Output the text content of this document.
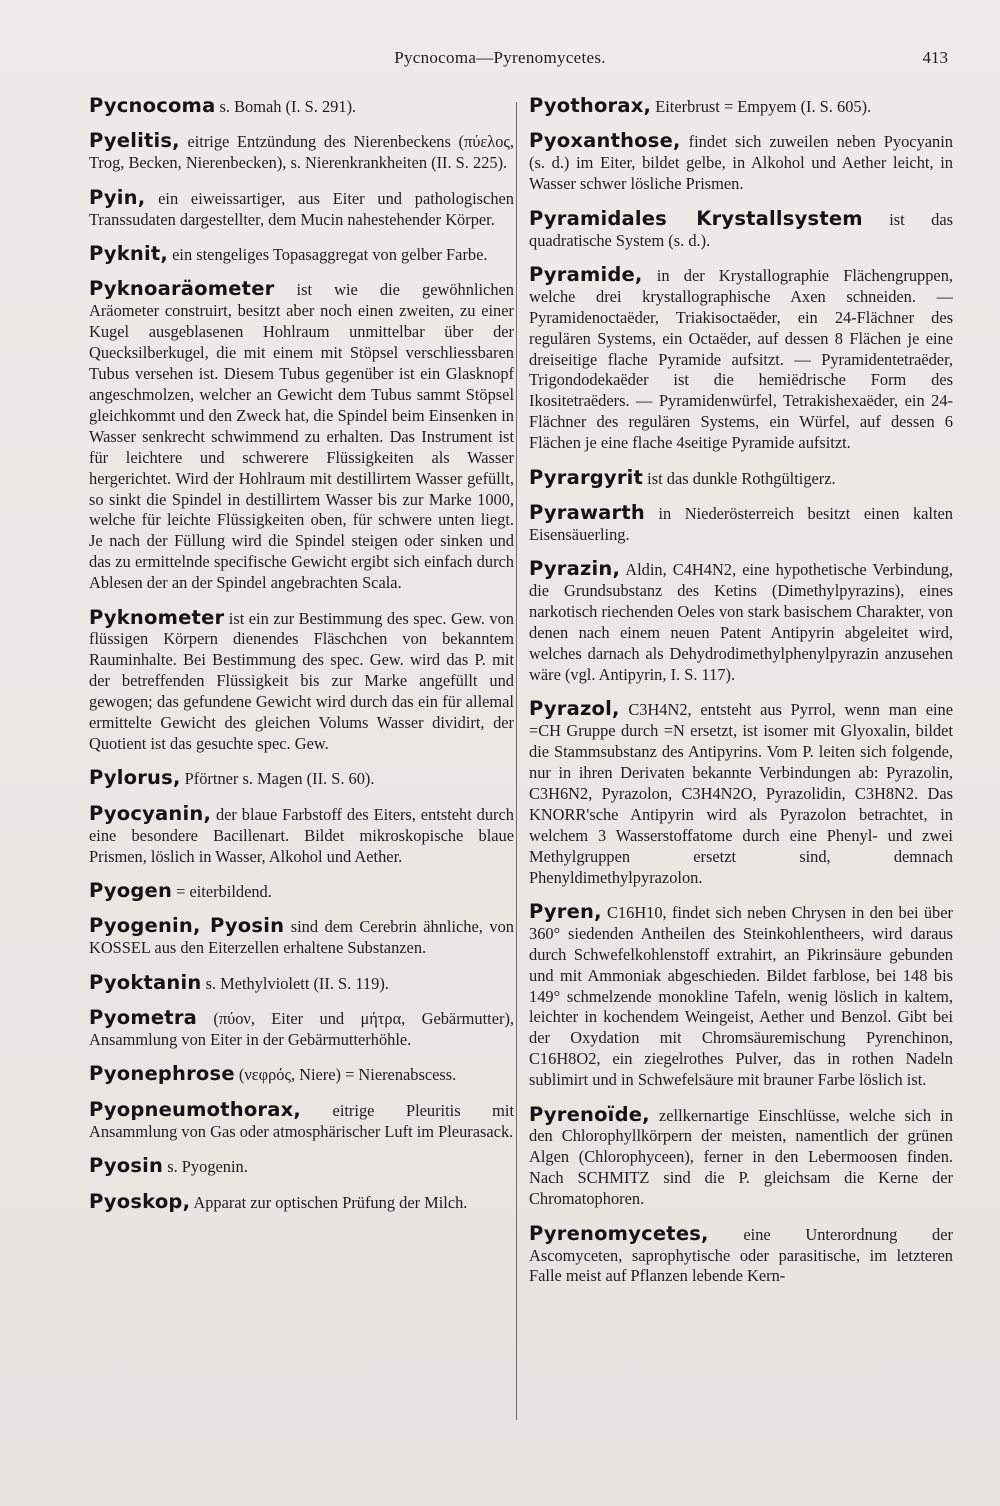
Pycnocoma—Pyrenomycetes.	413

Pycnocoma s. Bomah (I. S. 291).

Pyelitis, eitrige Entzündung des Nierenbeckens (πύελος, Trog, Becken, Nierenbecken), s. Nierenkrankheiten (II. S. 225).

Pyin, ein eiweissartiger, aus Eiter und pathologischen Transsudaten dargestellter, dem Mucin nahestehender Körper.

Pyknit, ein stengeliges Topasaggregat von gelber Farbe.

Pyknoaräometer ist wie die gewöhnlichen Aräometer construirt, besitzt aber noch einen zweiten, zu einer Kugel ausgeblasenen Hohlraum unmittelbar über der Quecksilberkugel, die mit einem mit Stöpsel verschliessbaren Tubus versehen ist. Diesem Tubus gegenüber ist ein Glasknopf angeschmolzen, welcher an Gewicht dem Tubus sammt Stöpsel gleichkommt und den Zweck hat, die Spindel beim Einsenken in Wasser senkrecht schwimmend zu erhalten. Das Instrument ist für leichtere und schwerere Flüssigkeiten als Wasser hergerichtet. Wird der Hohlraum mit destillirtem Wasser gefüllt, so sinkt die Spindel in destillirtem Wasser bis zur Marke 1000, welche für leichte Flüssigkeiten oben, für schwere unten liegt. Je nach der Füllung wird die Spindel steigen oder sinken und das zu ermittelnde specifische Gewicht ergibt sich einfach durch Ablesen der an der Spindel angebrachten Scala.

Pyknometer ist ein zur Bestimmung des spec. Gew. von flüssigen Körpern dienendes Fläschchen von bekanntem Rauminhalte. Bei Bestimmung des spec. Gew. wird das P. mit der betreffenden Flüssigkeit bis zur Marke angefüllt und gewogen; das gefundene Gewicht wird durch das ein für allemal ermittelte Gewicht des gleichen Volums Wasser dividirt, der Quotient ist das gesuchte spec. Gew.

Pylorus, Pförtner s. Magen (II. S. 60).

Pyocyanin, der blaue Farbstoff des Eiters, entsteht durch eine besondere Bacillenart. Bildet mikroskopische blaue Prismen, löslich in Wasser, Alkohol und Aether.

Pyogen = eiterbildend.

Pyogenin, Pyosin sind dem Cerebrin ähnliche, von KOSSEL aus den Eiterzellen erhaltene Substanzen.

Pyoktanin s. Methylviolett (II. S. 119).

Pyometra (πύον, Eiter und μήτρα, Gebärmutter), Ansammlung von Eiter in der Gebärmutterhöhle.

Pyonephrose (νεφρός, Niere) = Nierenabscess.

Pyopneumothorax, eitrige Pleuritis mit Ansammlung von Gas oder atmosphärischer Luft im Pleurasack.

Pyosin s. Pyogenin.

Pyoskop, Apparat zur optischen Prüfung der Milch.

Pyothorax, Eiterbrust = Empyem (I. S. 605).

Pyoxanthose, findet sich zuweilen neben Pyocyanin (s. d.) im Eiter, bildet gelbe, in Alkohol und Aether leicht, in Wasser schwer lösliche Prismen.

Pyramidales Krystallsystem ist das quadratische System (s. d.).

Pyramide, in der Krystallographie Flächengruppen, welche drei krystallographische Axen schneiden. — Pyramidenoctaëder, Triakisoctaëder, ein 24-Flächner des regulären Systems, ein Octaëder, auf dessen 8 Flächen je eine dreiseitige flache Pyramide aufsitzt. — Pyramidentetraëder, Trigondodekaëder ist die hemiëdrische Form des Ikositetraëders. — Pyramidenwürfel, Tetrakishexaëder, ein 24-Flächner des regulären Systems, ein Würfel, auf dessen 6 Flächen je eine flache 4seitige Pyramide aufsitzt.

Pyrargyrit ist das dunkle Rothgültigerz.

Pyrawarth in Niederösterreich besitzt einen kalten Eisensäuerling.

Pyrazin, Aldin, C4H4N2, eine hypothetische Verbindung, die Grundsubstanz des Ketins (Dimethylpyrazins), eines narkotisch riechenden Oeles von stark basischem Charakter, von denen nach einem neuen Patent Antipyrin abgeleitet wird, welches darnach als Dehydrodimethylphenylpyrazin anzusehen wäre (vgl. Antipyrin, I. S. 117).

Pyrazol, C3H4N2, entsteht aus Pyrrol, wenn man eine =CH Gruppe durch =N ersetzt, ist isomer mit Glyoxalin, bildet die Stammsubstanz des Antipyrins. Vom P. leiten sich folgende, nur in ihren Derivaten bekannte Verbindungen ab: Pyrazolin, C3H6N2, Pyrazolon, C3H4N2O, Pyrazolidin, C3H8N2. Das KNORR'sche Antipyrin wird als Pyrazolon betrachtet, in welchem 3 Wasserstoffatome durch eine Phenyl- und zwei Methylgruppen ersetzt sind, demnach Phenyldimethylpyrazolon.

Pyren, C16H10, findet sich neben Chrysen in den bei über 360° siedenden Antheilen des Steinkohlentheers, wird daraus durch Schwefelkohlenstoff extrahirt, an Pikrinsäure gebunden und mit Ammoniak abgeschieden. Bildet farblose, bei 148 bis 149° schmelzende monokline Tafeln, wenig löslich in kaltem, leichter in kochendem Weingeist, Aether und Benzol. Gibt bei der Oxydation mit Chromsäuremischung Pyrenchinon, C16H8O2, ein ziegelrothes Pulver, das in rothen Nadeln sublimirt und in Schwefelsäure mit brauner Farbe löslich ist.

Pyrenoïde, zellkernartige Einschlüsse, welche sich in den Chlorophyllkörpern der meisten, namentlich der grünen Algen (Chlorophyceen), ferner in den Lebermoosen finden. Nach SCHMITZ sind die P. gleichsam die Kerne der Chromatophoren.

Pyrenomycetes, eine Unterordnung der Ascomyceten, saprophytische oder parasitische, im letzteren Falle meist auf Pflanzen lebende Kern-
